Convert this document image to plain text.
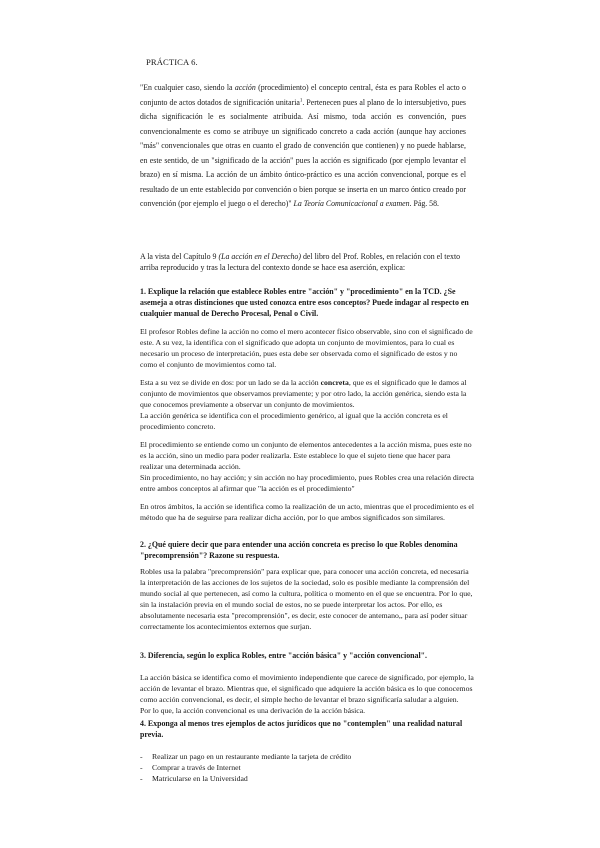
PRÁCTICA 6.

"En cualquier caso, siendo la acción (procedimiento) el concepto central, ésta es para Robles el acto o conjunto de actos dotados de significación unitaria$^1$. Pertenecen pues al plano de lo intersubjetivo, pues dicha significación le es socialmente atribuida. Así mismo, toda acción es convención, pues convencionalmente es como se atribuye un significado concreto a cada acción (aunque hay acciones "más" convencionales que otras en cuanto el grado de convención que contienen) y no puede hablarse, en este sentido, de un "significado de la acción" pues la acción es significado (por ejemplo levantar el brazo) en sí misma. La acción de un ámbito óntico-práctico es una acción convencional, porque es el resultado de un ente establecido por convención o bien porque se inserta en un marco óntico creado por convención (por ejemplo el juego o el derecho)" La Teoría Comunicacional a examen. Pág. 58.

A la vista del Capítulo 9 (La acción en el Derecho) del libro del Prof. Robles, en relación con el texto arriba reproducido y tras la lectura del contexto donde se hace esa aserción, explica:

1. Explique la relación que establece Robles entre "acción" y "procedimiento" en la TCD. ¿Se asemeja a otras distinciones que usted conozca entre esos conceptos? Puede indagar al respecto en cualquier manual de Derecho Procesal, Penal o Civil.

El profesor Robles define la acción no como el mero acontecer físico observable, sino con el significado de este. A su vez, la identifica con el significado que adopta un conjunto de movimientos, para lo cual es necesario un proceso de interpretación, pues esta debe ser observada como el significado de estos y no como el conjunto de movimientos como tal.
Esta a su vez se divide en dos: por un lado se da la acción concreta, que es el significado que le damos al conjunto de movimientos que observamos previamente; y por otro lado, la acción genérica, siendo esta la que conocemos previamente a observar un conjunto de movimientos.
La acción genérica se identifica con el procedimiento genérico, al igual que la acción concreta es el procedimiento concreto.
El procedimiento se entiende como un conjunto de elementos antecedentes a la acción misma, pues este no es la acción, sino un medio para poder realizarla. Este establece lo que el sujeto tiene que hacer para realizar una determinada acción.
Sin procedimiento, no hay acción; y sin acción no hay procedimiento, pues Robles crea una relación directa entre ambos conceptos al afirmar que "la acción es el procedimiento"
En otros ámbitos, la acción se identifica como la realización de un acto, mientras que el procedimiento es el método que ha de seguirse para realizar dicha acción, por lo que ambos significados son similares.

2. ¿Qué quiere decir que para entender una acción concreta es preciso lo que Robles denomina "precomprensión"? Razone su respuesta.

Robles usa la palabra "precomprensión" para explicar que, para conocer una acción concreta, ed necesaria la interpretación de las acciones de los sujetos de la sociedad, solo es posible mediante la comprensión del mundo social al que pertenecen, así como la cultura, política o momento en el que se encuentra. Por lo que, sin la instalación previa en el mundo social de estos, no se puede interpretar los actos. Por ello, es absolutamente necesaria esta "precomprensión", es decir, este conocer de antemano,, para así poder situar correctamente los acontecimientos externos que surjan.

3. Diferencia, según lo explica Robles, entre "acción básica" y "acción convencional".

La acción básica se identifica como el movimiento independiente que carece de significado, por ejemplo, la acción de levantar el brazo. Mientras que, el significado que adquiere la acción básica es lo que conocemos como acción convencional, es decir, el simple hecho de levantar el brazo significaría saludar a alguien.
Por lo que, la acción convencional es una derivación de la acción básica.

4. Exponga al menos tres ejemplos de actos jurídicos que no "contemplen" una realidad natural previa.

- Realizar un pago en un restaurante mediante la tarjeta de crédito
- Comprar a través de Internet
- Matricularse en la Universidad
